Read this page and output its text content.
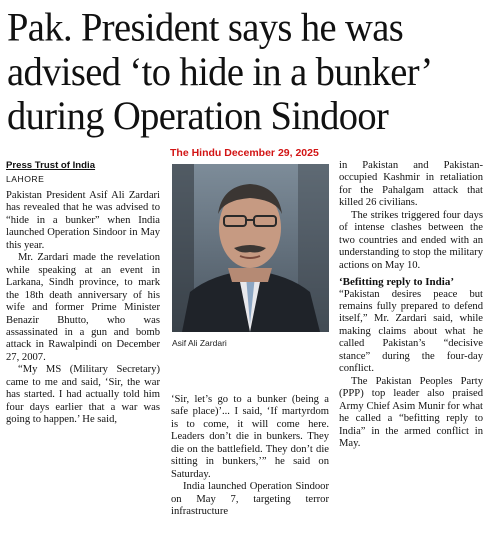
Pak. President says he was
advised ‘to hide in a bunker’
during Operation Sindoor
The Hindu December 29, 2025
Press Trust of India
LAHORE

Pakistan President Asif Ali Zardari has revealed that he was advised to “hide in a bunker” when India launched Operation Sindoor in May this year.

Mr. Zardari made the revelation while speaking at an event in Larkana, Sindh province, to mark the 18th death anniversary of his wife and former Prime Minister Benazir Bhutto, who was assassinated in a gun and bomb attack in Rawalpindi on December 27, 2007.

“My MS (Military Secretary) came to me and said, ‘Sir, the war has started. I had actually told him four days earlier that a war was going to happen.’ He said,

Asif Ali Zardari

‘Sir, let’s go to a bunker (being a safe place)’... I said, ‘If martyrdom is to come, it will come here. Leaders don’t die in bunkers. They die on the battlefield. They don’t die sitting in bunkers,’” he said on Saturday.

India launched Operation Sindoor on May 7, targeting terror infrastructure

in Pakistan and Pakistan-occupied Kashmir in retaliation for the Pahalgam attack that killed 26 civilians.

The strikes triggered four days of intense clashes between the two countries and ended with an understanding to stop the military actions on May 10.

‘Befitting reply to India’

“Pakistan desires peace but remains fully prepared to defend itself,” Mr. Zardari said, while making claims about what he called Pakistan’s “decisive stance” during the four-day conflict.

The Pakistan Peoples Party (PPP) top leader also praised Army Chief Asim Munir for what he called a “befitting reply to India” in the armed conflict in May.
